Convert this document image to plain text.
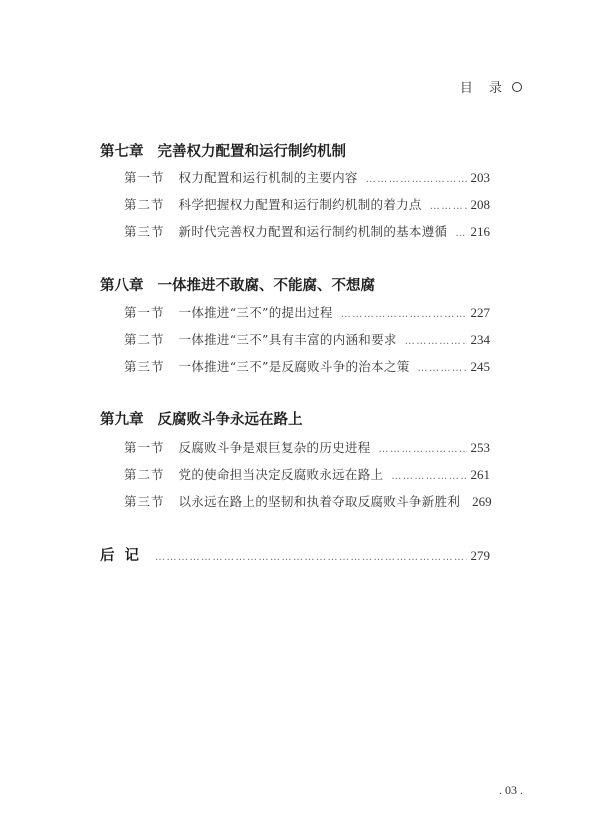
目 录
第七章 完善权力配置和运行制约机制
第一节 权力配置和运行机制的主要内容 ……………………………………………………………………………………………………………………………………………	203
第二节 科学把握权力配置和运行制约机制的着力点 ……………………………………………………………………………………………………………………………………………	208
第三节 新时代完善权力配置和运行制约机制的基本遵循 …………………………………………………………………………………………………………………………………………… 216
第八章 一体推进不敢腐、不能腐、不想腐
第一节 一体推进“三不”的提出过程 ……………………………………………………………………………………………………………………………………………	227
第二节 一体推进“三不”具有丰富的内涵和要求 ……………………………………………………………………………………………………………………………………………	234
第三节 一体推进“三不”是反腐败斗争的治本之策 ……………………………………………………………………………………………………………………………………………	245
第九章 反腐败斗争永远在路上
第一节 反腐败斗争是艰巨复杂的历史进程 ……………………………………………………………………………………………………………………………………………	253
第二节 党的使命担当决定反腐败永远在路上 ……………………………………………………………………………………………………………………………………………	261
第三节 以永远在路上的坚韧和执着夺取反腐败斗争新胜利 269
后记 ……………………………………………………………………………………………………………………………………………………………	279
. 03 .
